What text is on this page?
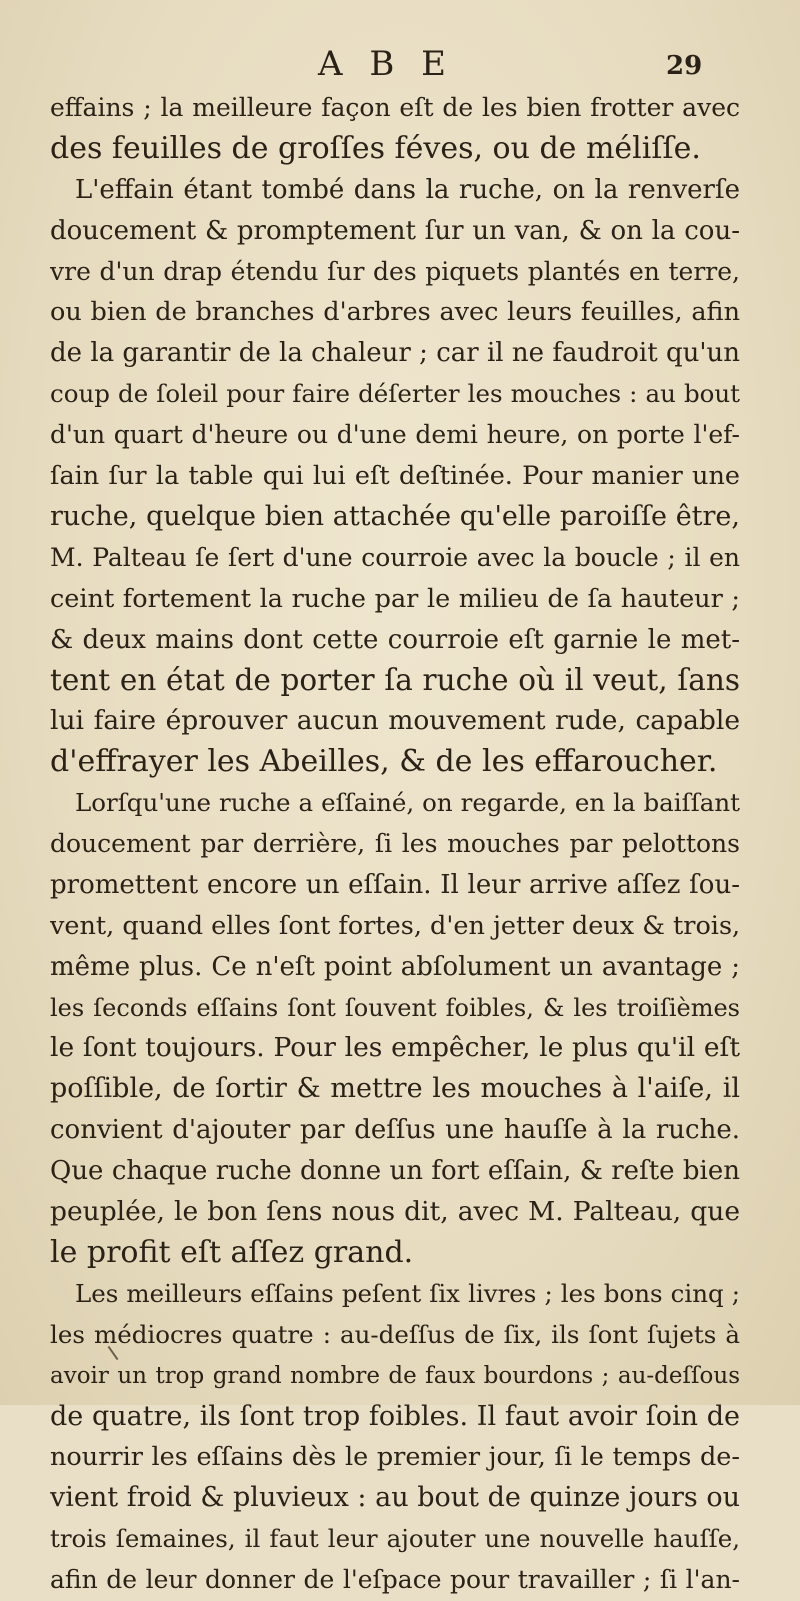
A B E	29
effains ; la meilleure façon eſt de les bien frotter avec
des feuilles de groſſes féves, ou de méliſſe.
L'effain étant tombé dans la ruche, on la renverſe
doucement & promptement ſur un van, & on la cou-
vre d'un drap étendu ſur des piquets plantés en terre,
ou bien de branches d'arbres avec leurs feuilles, afin
de la garantir de la chaleur ; car il ne faudroit qu'un
coup de ſoleil pour faire déſerter les mouches : au bout
d'un quart d'heure ou d'une demi heure, on porte l'ef-
ſain ſur la table qui lui eſt deſtinée. Pour manier une
ruche, quelque bien attachée qu'elle paroiſſe être,
M. Palteau ſe ſert d'une courroie avec la boucle ; il en
ceint fortement la ruche par le milieu de ſa hauteur ;
& deux mains dont cette courroie eſt garnie le met-
tent en état de porter ſa ruche où il veut, ſans
lui faire éprouver aucun mouvement rude, capable
d'effrayer les Abeilles, & de les effaroucher.
Lorſqu'une ruche a eſſainé, on regarde, en la baiſſant
doucement par derrière, ſi les mouches par pelottons
promettent encore un eſſain. Il leur arrive aſſez ſou-
vent, quand elles ſont fortes, d'en jetter deux & trois,
même plus. Ce n'eſt point abſolument un avantage ;
les ſeconds eſſains ſont ſouvent foibles, & les troiſièmes
le ſont toujours. Pour les empêcher, le plus qu'il eſt
poſſible, de ſortir & mettre les mouches à l'aiſe, il
convient d'ajouter par deſſus une hauſſe à la ruche.
Que chaque ruche donne un fort eſſain, & reſte bien
peuplée, le bon ſens nous dit, avec M. Palteau, que
le profit eſt aſſez grand.
Les meilleurs eſſains peſent ſix livres ; les bons cinq ;
les médiocres quatre : au-deſſus de ſix, ils ſont ſujets à
avoir un trop grand nombre de faux bourdons ; au-deſſous
de quatre, ils ſont trop foibles. Il faut avoir ſoin de
nourrir les eſſains dès le premier jour, ſi le temps de-
vient froid & pluvieux : au bout de quinze jours ou
trois ſemaines, il faut leur ajouter une nouvelle hauſſe,
afin de leur donner de l'eſpace pour travailler ; ſi l'an-
